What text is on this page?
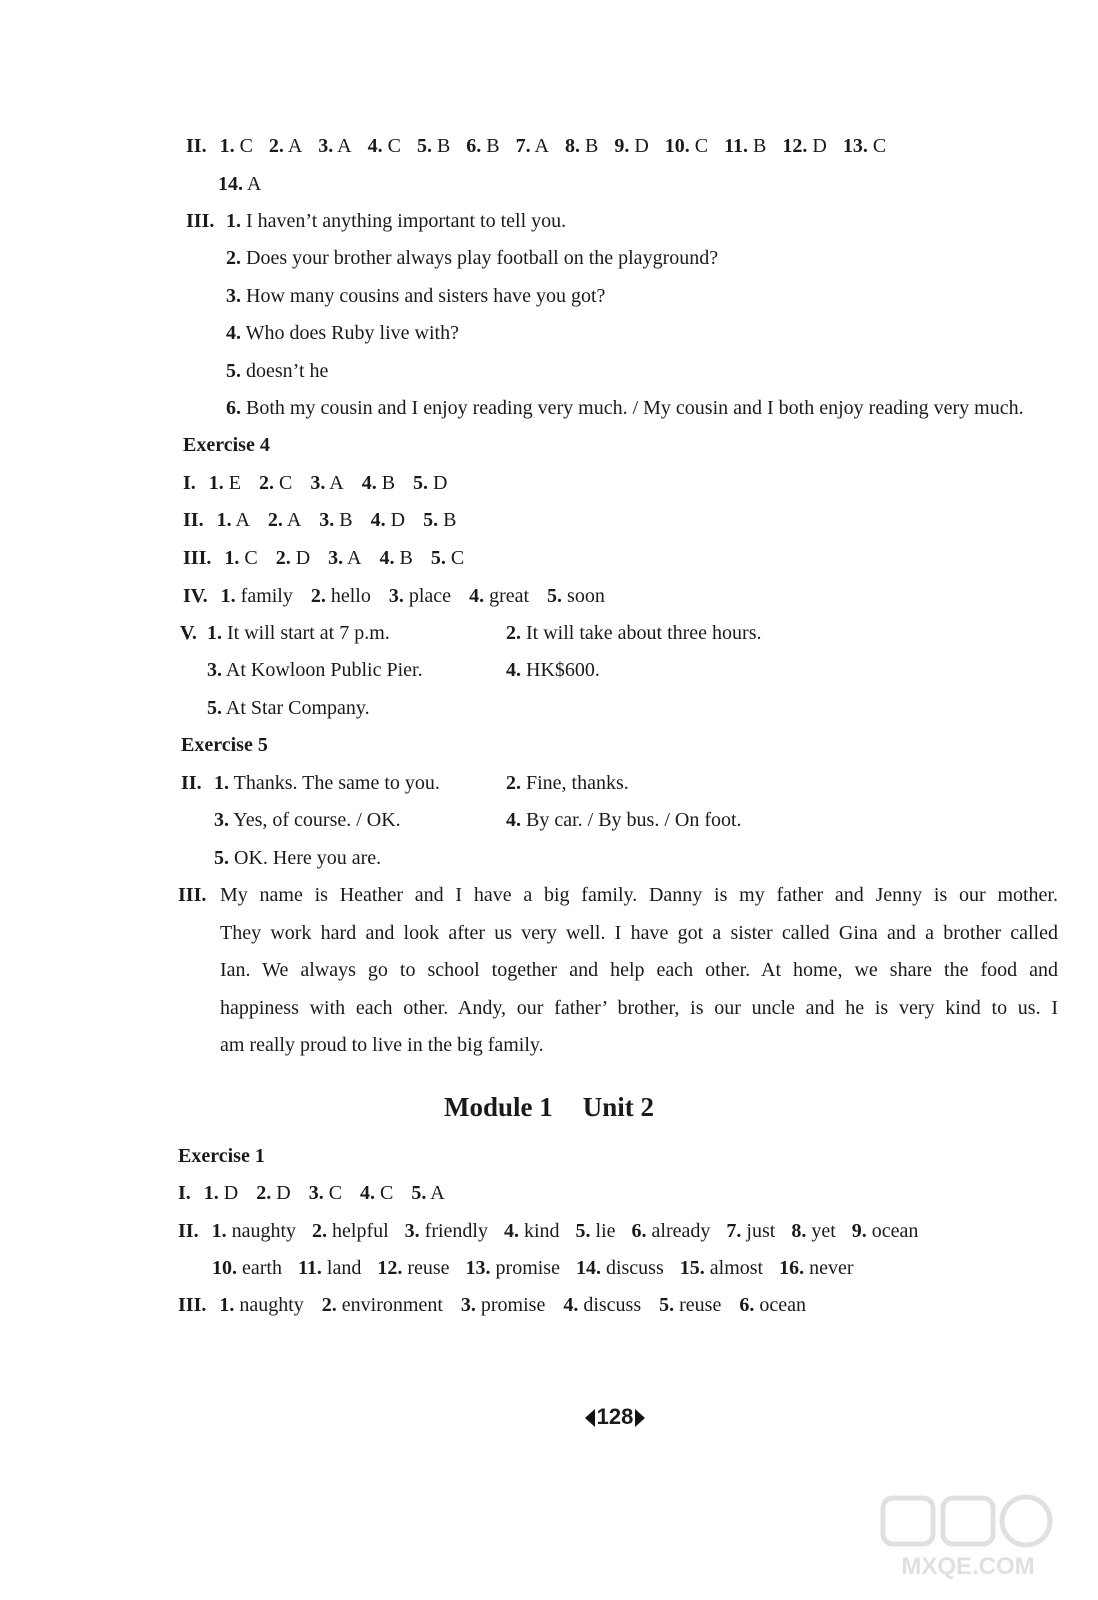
II. 1. C 2. A 3. A 4. C 5. B 6. B 7. A 8. B 9. D 10. C 11. B 12. D 13. C
14. A
III. 1. I haven’t anything important to tell you.
2. Does your brother always play football on the playground?
3. How many cousins and sisters have you got?
4. Who does Ruby live with?
5. doesn’t he
6. Both my cousin and I enjoy reading very much. / My cousin and I both enjoy reading very much.
Exercise 4
I. 1. E 2. C 3. A 4. B 5. D
II. 1. A 2. A 3. B 4. D 5. B
III. 1. C 2. D 3. A 4. B 5. C
IV. 1. family 2. hello 3. place 4. great 5. soon
V. 1. It will start at 7 p.m.	2. It will take about three hours.
3. At Kowloon Public Pier.	4. HK$600.
5. At Star Company.
Exercise 5
II. 1. Thanks. The same to you.	2. Fine, thanks.
3. Yes, of course. / OK.	4. By car. / By bus. / On foot.
5. OK. Here you are.
III. My name is Heather and I have a big family. Danny is my father and Jenny is our mother.
They work hard and look after us very well. I have got a sister called Gina and a brother called
Ian. We always go to school together and help each other. At home, we share the food and
happiness with each other. Andy, our father’ brother, is our uncle and he is very kind to us. I
am really proud to live in the big family.
Module 1 Unit 2
Exercise 1
I. 1. D 2. D 3. C 4. C 5. A
II. 1. naughty 2. helpful 3. friendly 4. kind 5. lie 6. already 7. just 8. yet 9. ocean
10. earth 11. land 12. reuse 13. promise 14. discuss 15. almost 16. never
III. 1. naughty 2. environment 3. promise 4. discuss 5. reuse 6. ocean
128
MXQE.COM
